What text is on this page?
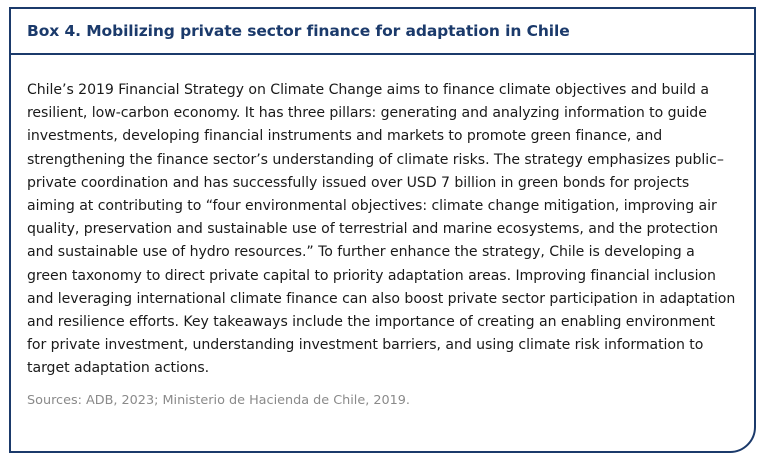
Box 4. Mobilizing private sector finance for adaptation in Chile

Chile’s 2019 Financial Strategy on Climate Change aims to finance climate objectives and build a resilient, low-carbon economy. It has three pillars: generating and analyzing information to guide investments, developing financial instruments and markets to promote green finance, and strengthening the finance sector’s understanding of climate risks. The strategy emphasizes public–private coordination and has successfully issued over USD 7 billion in green bonds for projects aiming at contributing to “four environmental objectives: climate change mitigation, improving air quality, preservation and sustainable use of terrestrial and marine ecosystems, and the protection and sustainable use of hydro resources.” To further enhance the strategy, Chile is developing a green taxonomy to direct private capital to priority adaptation areas. Improving financial inclusion and leveraging international climate finance can also boost private sector participation in adaptation and resilience efforts. Key takeaways include the importance of creating an enabling environment for private investment, understanding investment barriers, and using climate risk information to target adaptation actions.

Sources: ADB, 2023; Ministerio de Hacienda de Chile, 2019.
